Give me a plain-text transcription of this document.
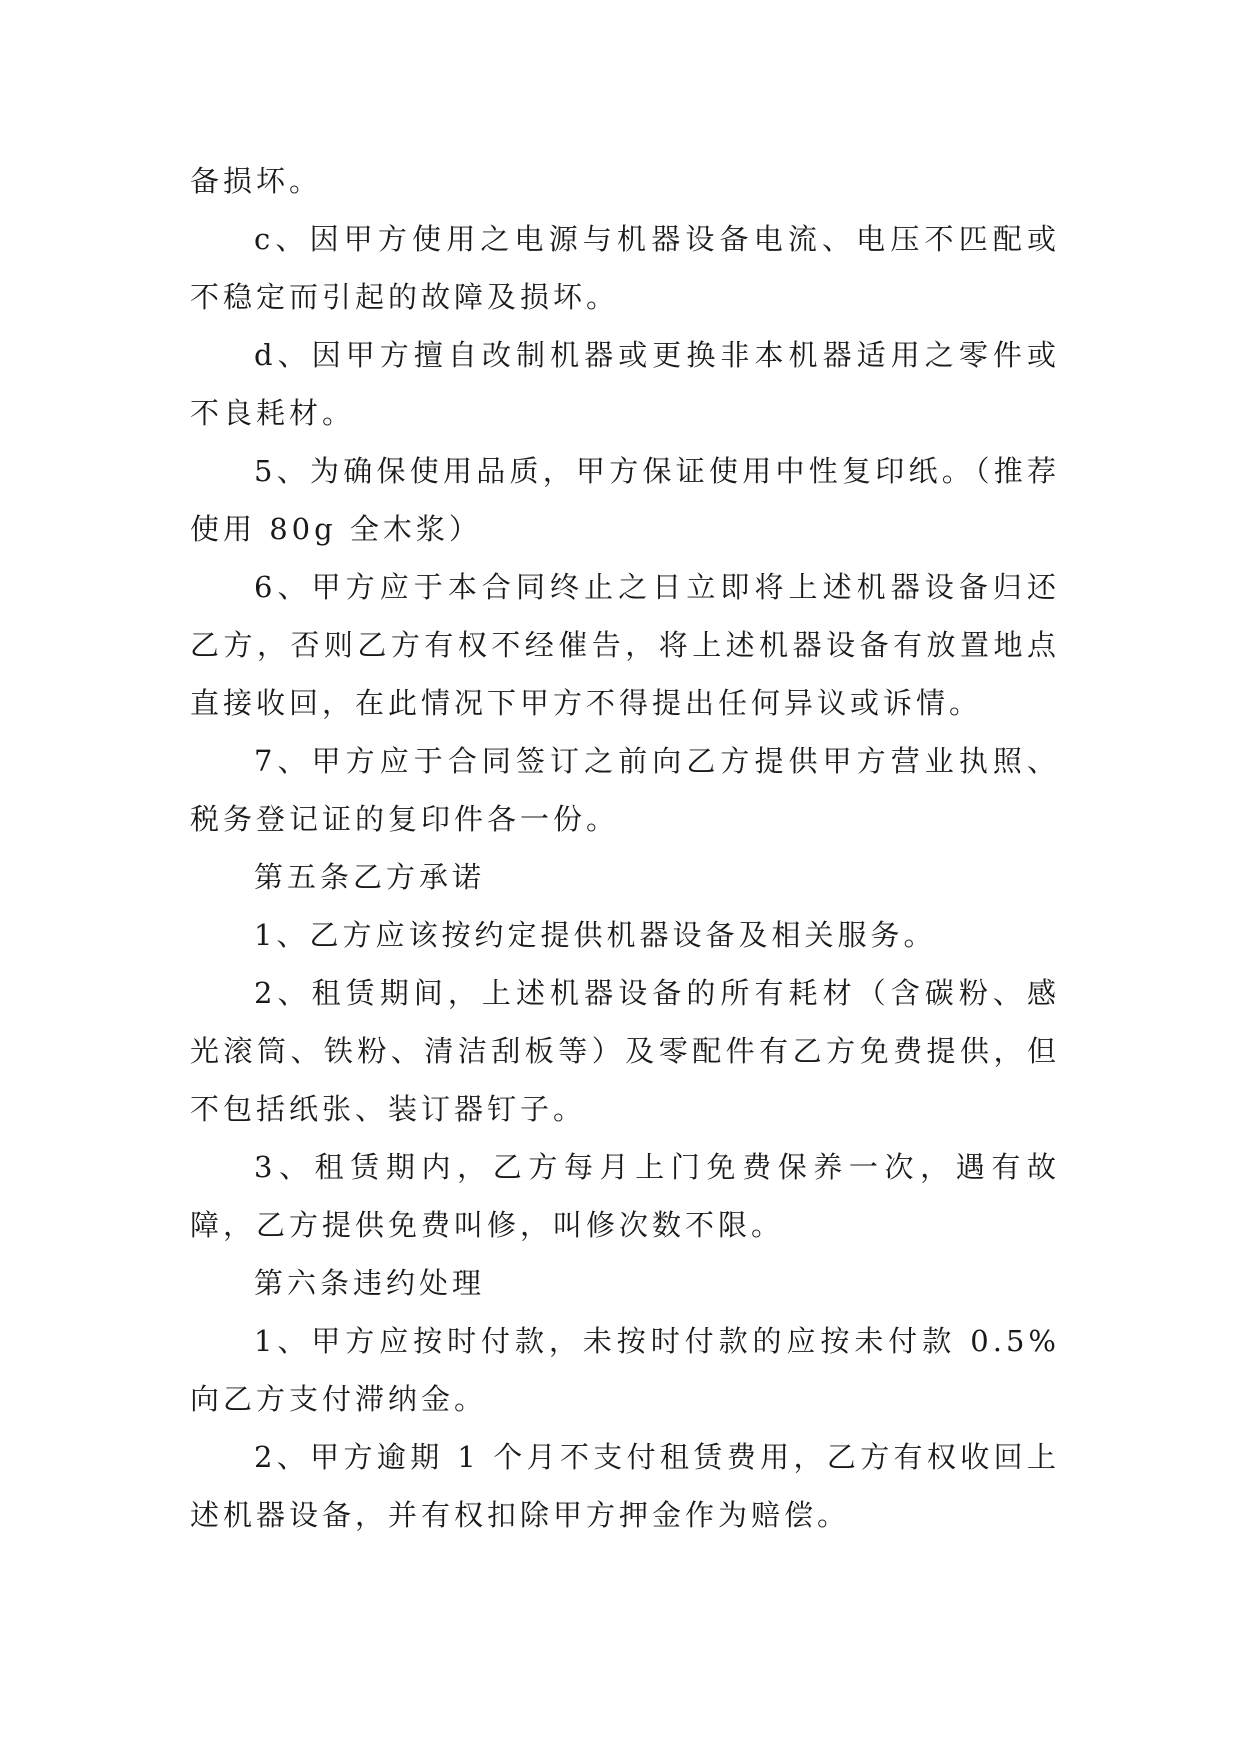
备损坏。

c、因甲方使用之电源与机器设备电流、电压不匹配或不稳定而引起的故障及损坏。

d、因甲方擅自改制机器或更换非本机器适用之零件或不良耗材。

5、为确保使用品质，甲方保证使用中性复印纸。（推荐使用 80g 全木浆）

6、甲方应于本合同终止之日立即将上述机器设备归还乙方，否则乙方有权不经催告，将上述机器设备有放置地点直接收回，在此情况下甲方不得提出任何异议或诉情。

7、甲方应于合同签订之前向乙方提供甲方营业执照、税务登记证的复印件各一份。

第五条乙方承诺

1、乙方应该按约定提供机器设备及相关服务。

2、租赁期间，上述机器设备的所有耗材（含碳粉、感光滚筒、铁粉、清洁刮板等）及零配件有乙方免费提供，但不包括纸张、装订器钉子。

3、租赁期内，乙方每月上门免费保养一次，遇有故障，乙方提供免费叫修，叫修次数不限。

第六条违约处理

1、甲方应按时付款，未按时付款的应按未付款 0.5%向乙方支付滞纳金。

2、甲方逾期 1 个月不支付租赁费用，乙方有权收回上述机器设备，并有权扣除甲方押金作为赔偿。
